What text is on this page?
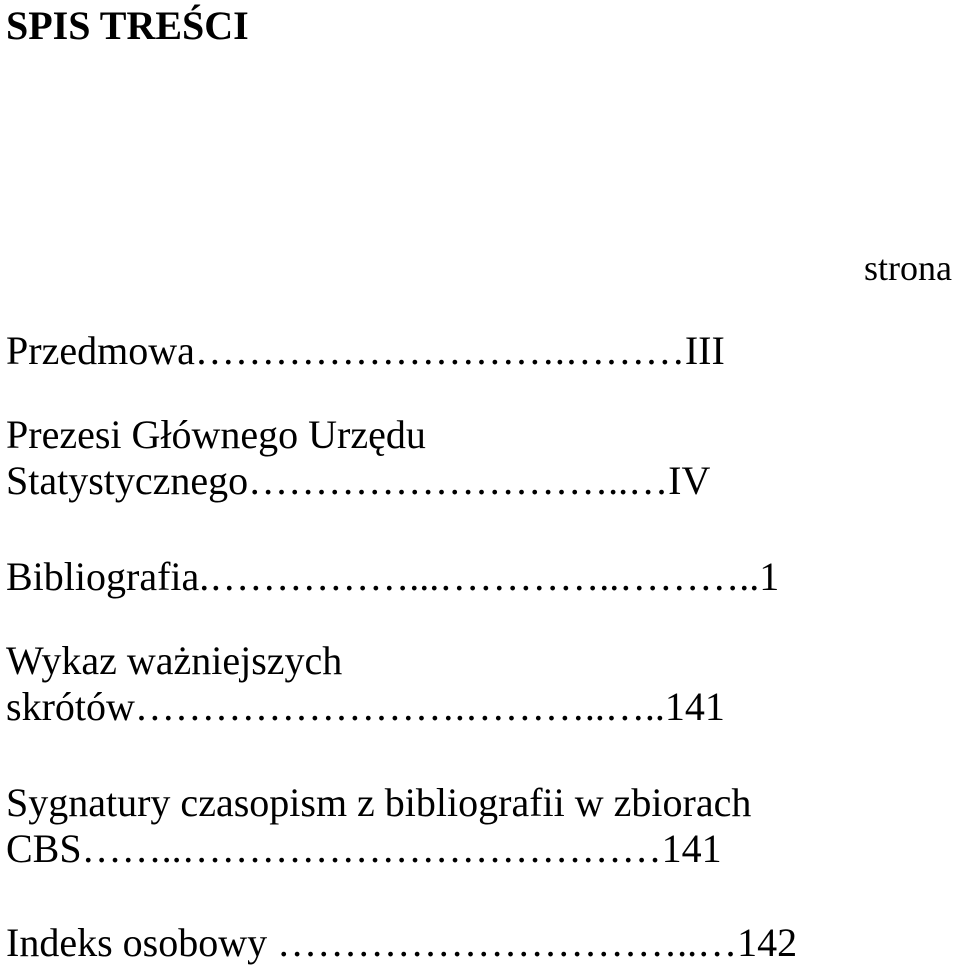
SPIS TREŚCI
strona
Przedmowa……………………….………III
Prezesi Głównego Urzędu
Statystycznego………………………..…IV
Bibliografia.……………...…………..………..1
Wykaz ważniejszych
skrótów…………………….………..…..141
Sygnatury czasopism z bibliografii w zbiorach
CBS……..………………………………141
Indeks osobowy …………………………..…142
